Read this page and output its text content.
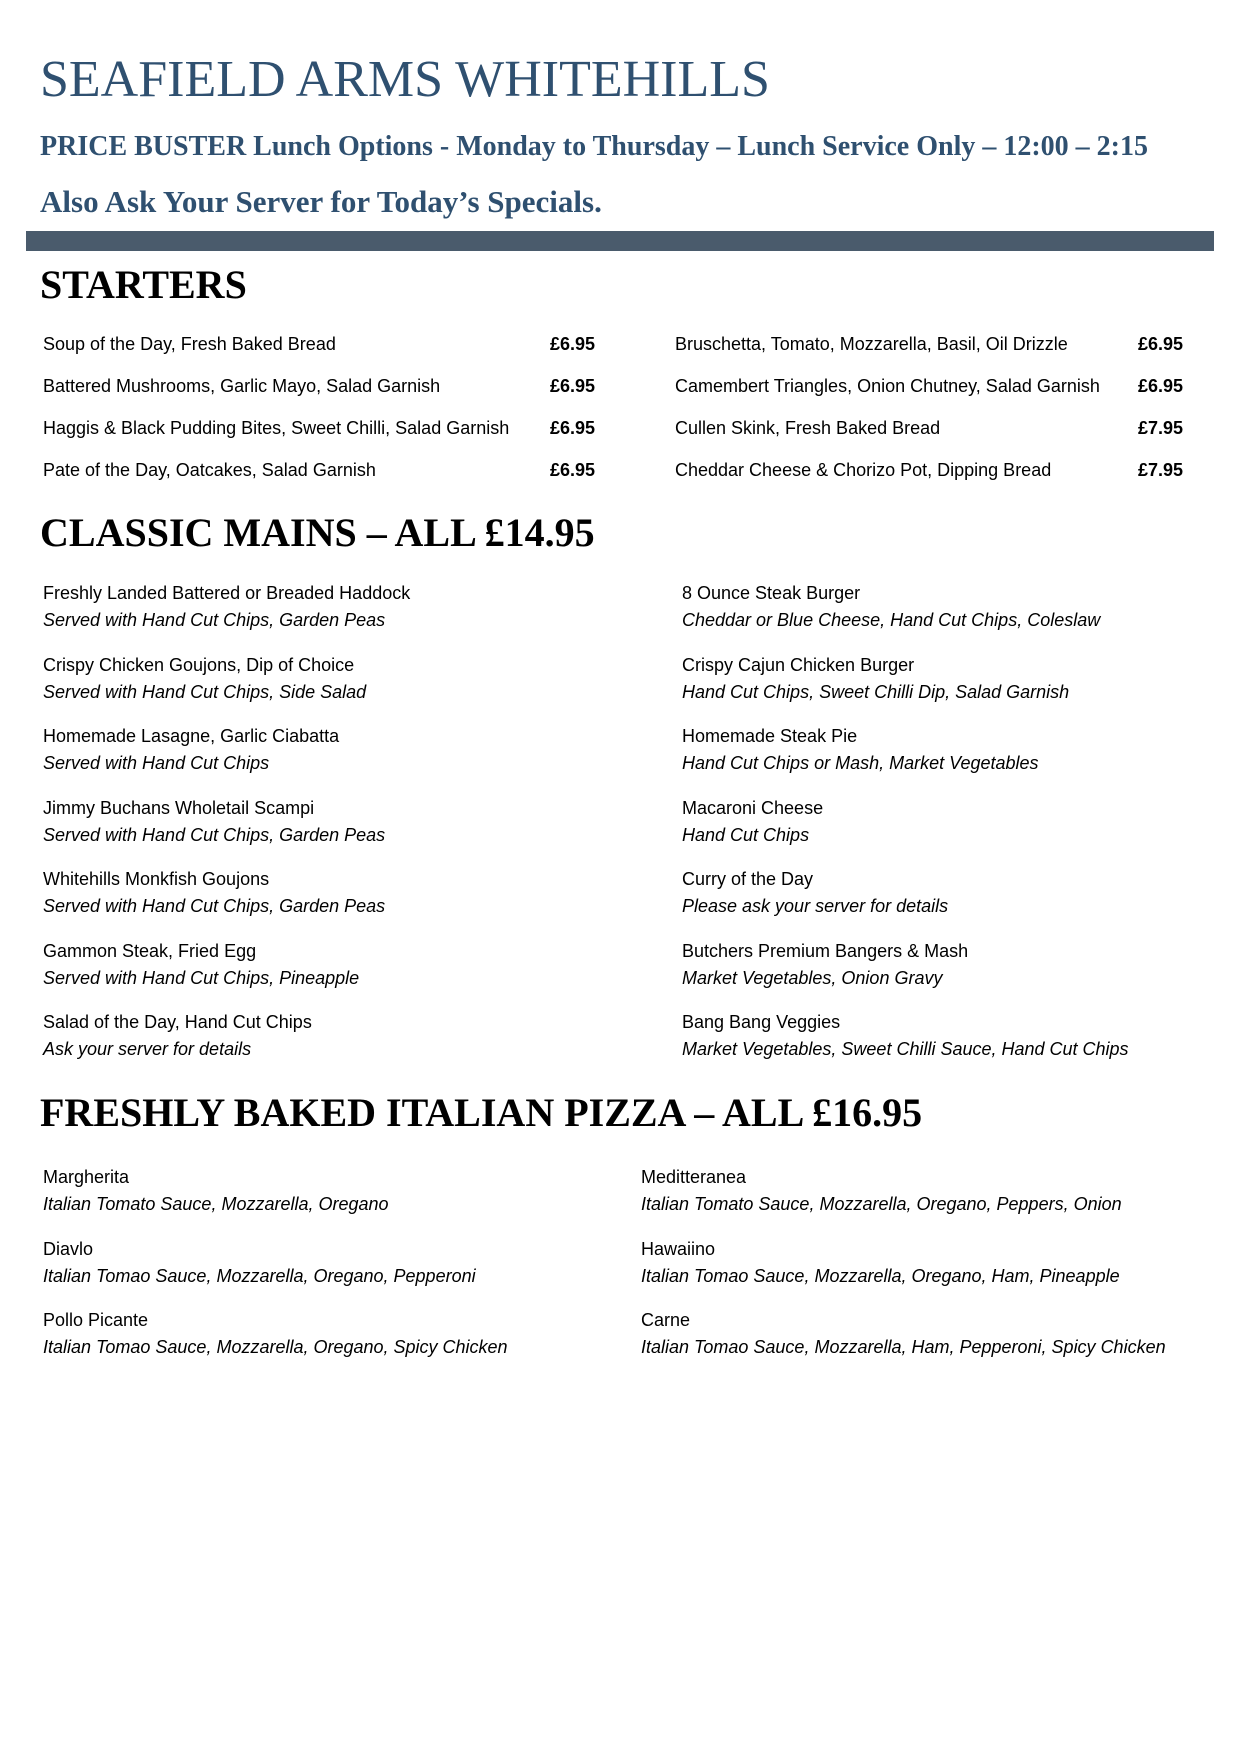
SEAFIELD ARMS WHITEHILLS

PRICE BUSTER Lunch Options - Monday to Thursday – Lunch Service Only – 12:00 – 2:15

Also Ask Your Server for Today’s Specials.

STARTERS
Soup of the Day, Fresh Baked Bread	£6.95
Battered Mushrooms, Garlic Mayo, Salad Garnish	£6.95
Haggis & Black Pudding Bites, Sweet Chilli, Salad Garnish £6.95
Pate of the Day, Oatcakes, Salad Garnish	£6.95
Bruschetta, Tomato, Mozzarella, Basil, Oil Drizzle	£6.95
Camembert Triangles, Onion Chutney, Salad Garnish £6.95
Cullen Skink, Fresh Baked Bread	£7.95
Cheddar Cheese & Chorizo Pot, Dipping Bread	£7.95
CLASSIC MAINS – ALL £14.95
Freshly Landed Battered or Breaded Haddock
Served with Hand Cut Chips, Garden Peas
Crispy Chicken Goujons, Dip of Choice
Served with Hand Cut Chips, Side Salad
Homemade Lasagne, Garlic Ciabatta
Served with Hand Cut Chips
Jimmy Buchans Wholetail Scampi
Served with Hand Cut Chips, Garden Peas
Whitehills Monkfish Goujons
Served with Hand Cut Chips, Garden Peas
Gammon Steak, Fried Egg
Served with Hand Cut Chips, Pineapple
Salad of the Day, Hand Cut Chips
Ask your server for details
8 Ounce Steak Burger
Cheddar or Blue Cheese, Hand Cut Chips, Coleslaw
Crispy Cajun Chicken Burger
Hand Cut Chips, Sweet Chilli Dip, Salad Garnish
Homemade Steak Pie
Hand Cut Chips or Mash, Market Vegetables
Macaroni Cheese
Hand Cut Chips
Curry of the Day
Please ask your server for details
Butchers Premium Bangers & Mash
Market Vegetables, Onion Gravy
Bang Bang Veggies
Market Vegetables, Sweet Chilli Sauce, Hand Cut Chips
FRESHLY BAKED ITALIAN PIZZA – ALL £16.95
Margherita
Italian Tomato Sauce, Mozzarella, Oregano
Diavlo
Italian Tomao Sauce, Mozzarella, Oregano, Pepperoni
Pollo Picante
Italian Tomao Sauce, Mozzarella, Oregano, Spicy Chicken
Meditteranea
Italian Tomato Sauce, Mozzarella, Oregano, Peppers, Onion
Hawaiino
Italian Tomao Sauce, Mozzarella, Oregano, Ham, Pineapple
Carne
Italian Tomao Sauce, Mozzarella, Ham, Pepperoni, Spicy Chicken
